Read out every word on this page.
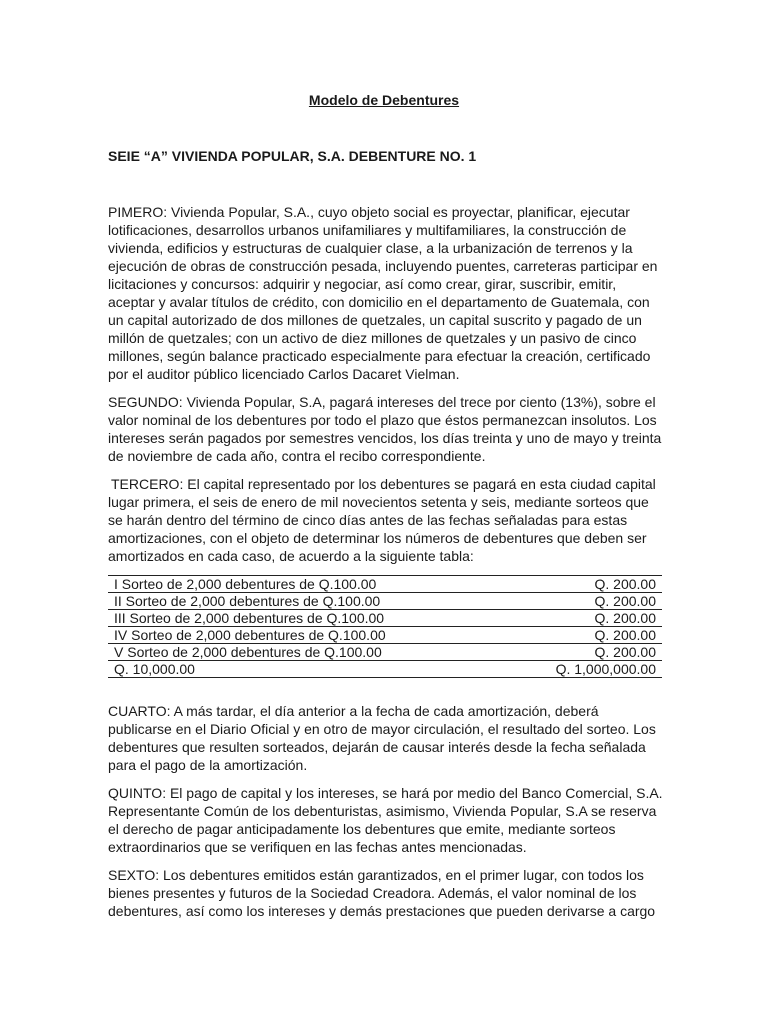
Modelo de Debentures
SEIE “A” VIVIENDA POPULAR, S.A. DEBENTURE NO. 1

PIMERO: Vivienda Popular, S.A., cuyo objeto social es proyectar, planificar, ejecutar lotificaciones, desarrollos urbanos unifamiliares y multifamiliares, la construcción de vivienda, edificios y estructuras de cualquier clase, a la urbanización de terrenos y la ejecución de obras de construcción pesada, incluyendo puentes, carreteras participar en licitaciones y concursos: adquirir y negociar, así como crear, girar, suscribir, emitir, aceptar y avalar títulos de crédito, con domicilio en el departamento de Guatemala, con un capital autorizado de dos millones de quetzales, un capital suscrito y pagado de un millón de quetzales; con un activo de diez millones de quetzales y un pasivo de cinco millones, según balance practicado especialmente para efectuar la creación, certificado por el auditor público licenciado Carlos Dacaret Vielman.

SEGUNDO: Vivienda Popular, S.A, pagará intereses del trece por ciento (13%), sobre el valor nominal de los debentures por todo el plazo que éstos permanezcan insolutos. Los intereses serán pagados por semestres vencidos, los días treinta y uno de mayo y treinta de noviembre de cada año, contra el recibo correspondiente.

TERCERO: El capital representado por los debentures se pagará en esta ciudad capital lugar primera, el seis de enero de mil novecientos setenta y seis, mediante sorteos que se harán dentro del término de cinco días antes de las fechas señaladas para estas amortizaciones, con el objeto de determinar los números de debentures que deben ser amortizados en cada caso, de acuerdo a la siguiente tabla:

I Sorteo de 2,000 debentures de Q.100.00	Q. 200.00
II Sorteo de 2,000 debentures de Q.100.00	Q. 200.00
III Sorteo de 2,000 debentures de Q.100.00	Q. 200.00
IV Sorteo de 2,000 debentures de Q.100.00	Q. 200.00
V Sorteo de 2,000 debentures de Q.100.00	Q. 200.00
Q. 10,000.00	Q. 1,000,000.00

CUARTO: A más tardar, el día anterior a la fecha de cada amortización, deberá publicarse en el Diario Oficial y en otro de mayor circulación, el resultado del sorteo. Los debentures que resulten sorteados, dejarán de causar interés desde la fecha señalada para el pago de la amortización.

QUINTO: El pago de capital y los intereses, se hará por medio del Banco Comercial, S.A. Representante Común de los debenturistas, asimismo, Vivienda Popular, S.A se reserva el derecho de pagar anticipadamente los debentures que emite, mediante sorteos extraordinarios que se verifiquen en las fechas antes mencionadas.

SEXTO: Los debentures emitidos están garantizados, en el primer lugar, con todos los bienes presentes y futuros de la Sociedad Creadora. Además, el valor nominal de los debentures, así como los intereses y demás prestaciones que pueden derivarse a cargo
